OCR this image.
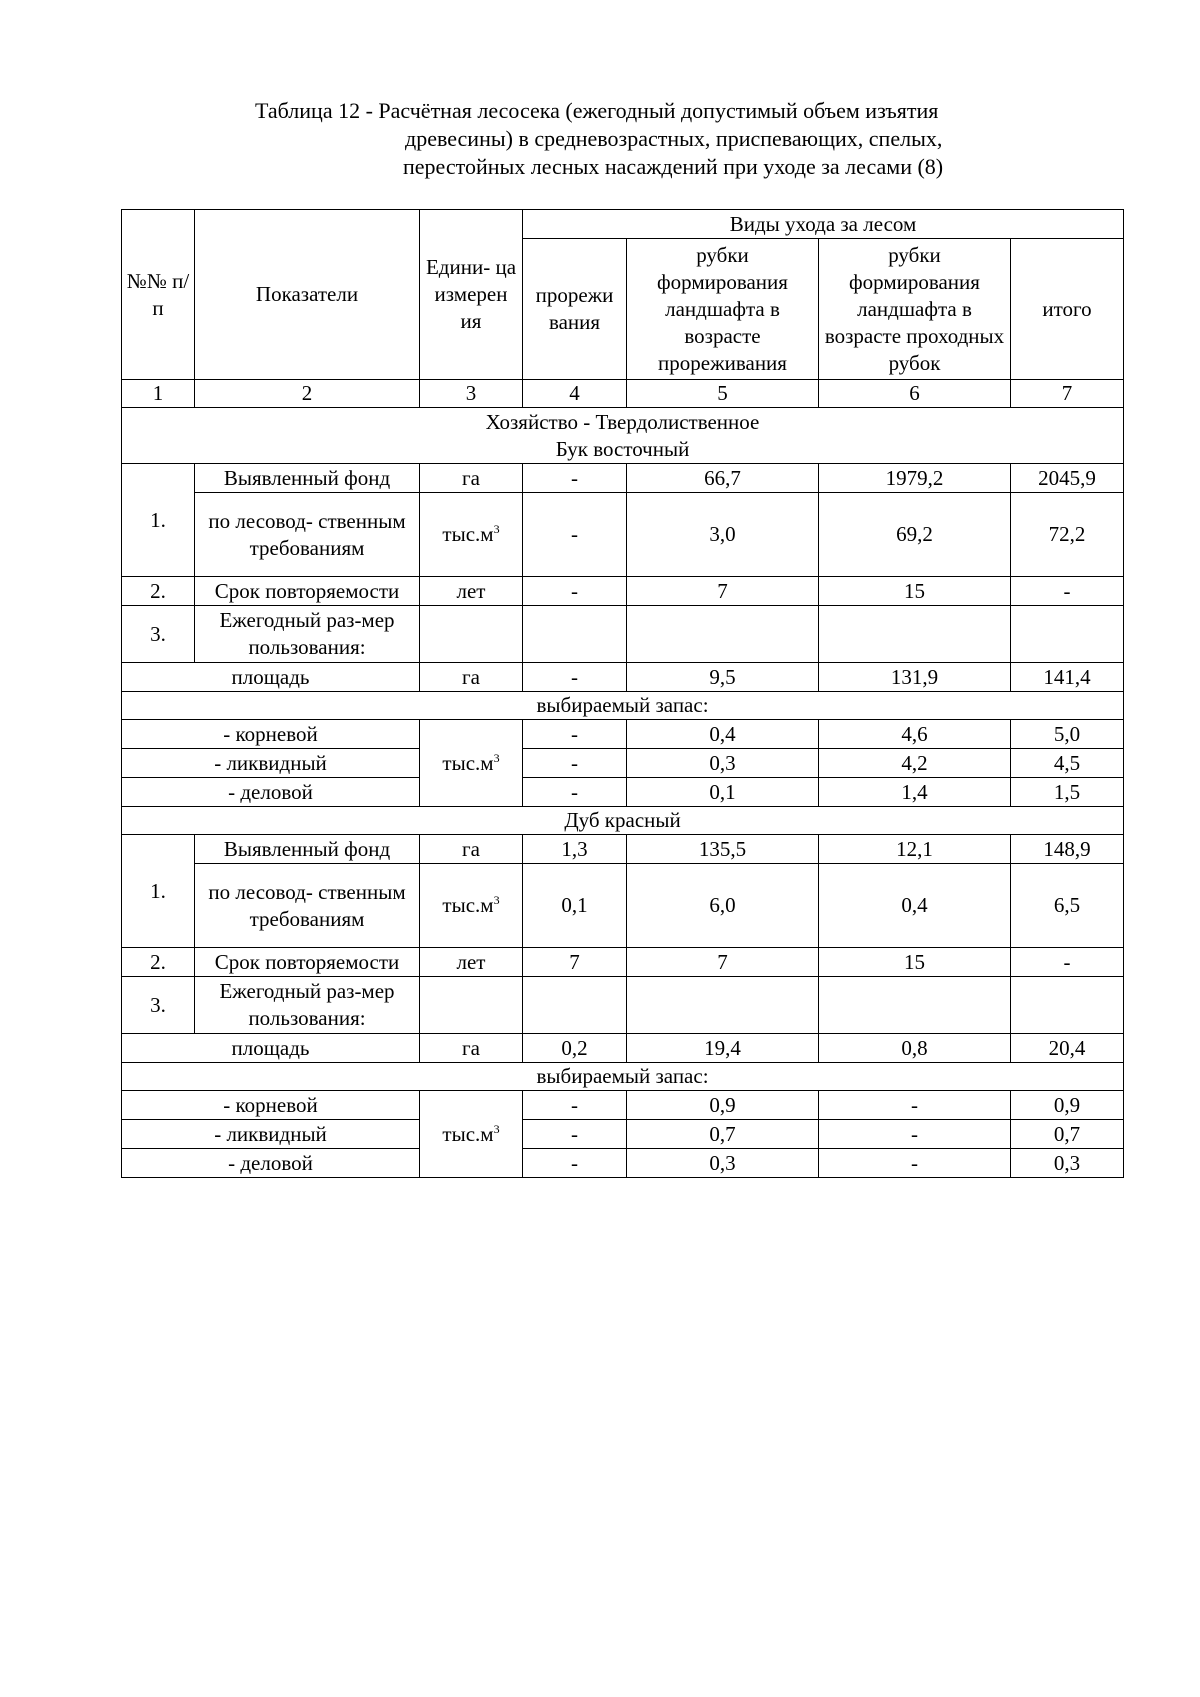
Таблица 12 - Расчётная лесосека (ежегодный допустимый объем изъятия
древесины) в средневозрастных, приспевающих, спелых,
перестойных лесных насаждений при уходе за лесами (8)
№№ п/п	Показатели	Едини- ца измерен ия	Виды ухода за лесом			
			прорежи вания	рубки формирования ландшафта в возрасте прореживания	рубки формирования ландшафта в возрасте проходных рубок	итого
1	2	3	4	5	6	7

Хозяйство - Твердолиственное
Бук восточный						

1.	Выявленный фонд	га	-	66,7	1979,2	2045,9
	по лесовод- ственным требованиям	$тыс.м^3$	-	3,0	69,2	72,2
2.	Срок повторяемости	лет	-	7	15	-
3.	Ежегодный раз-мер пользования:					
площадь		га	-	9,5	131,9	141,4
выбираемый запас:						
- корневой		$тыс.м^3$	-	0,4	4,6	5,0
- ликвидный			-	0,3	4,2	4,5
- деловой			-	0,1	1,4	1,5
Дуб красный						
1.	Выявленный фонд	га	1,3	135,5	12,1	148,9
	по лесовод- ственным требованиям	$тыс.м^3$	0,1	6,0	0,4	6,5
2.	Срок повторяемости	лет	7	7	15	-
3.	Ежегодный раз-мер пользования:					
площадь		га	0,2	19,4	0,8	20,4
выбираемый запас:						
- корневой		$тыс.м^3$	-	0,9	-	0,9
- ликвидный			-	0,7	-	0,7
- деловой			-	0,3	-	0,3
